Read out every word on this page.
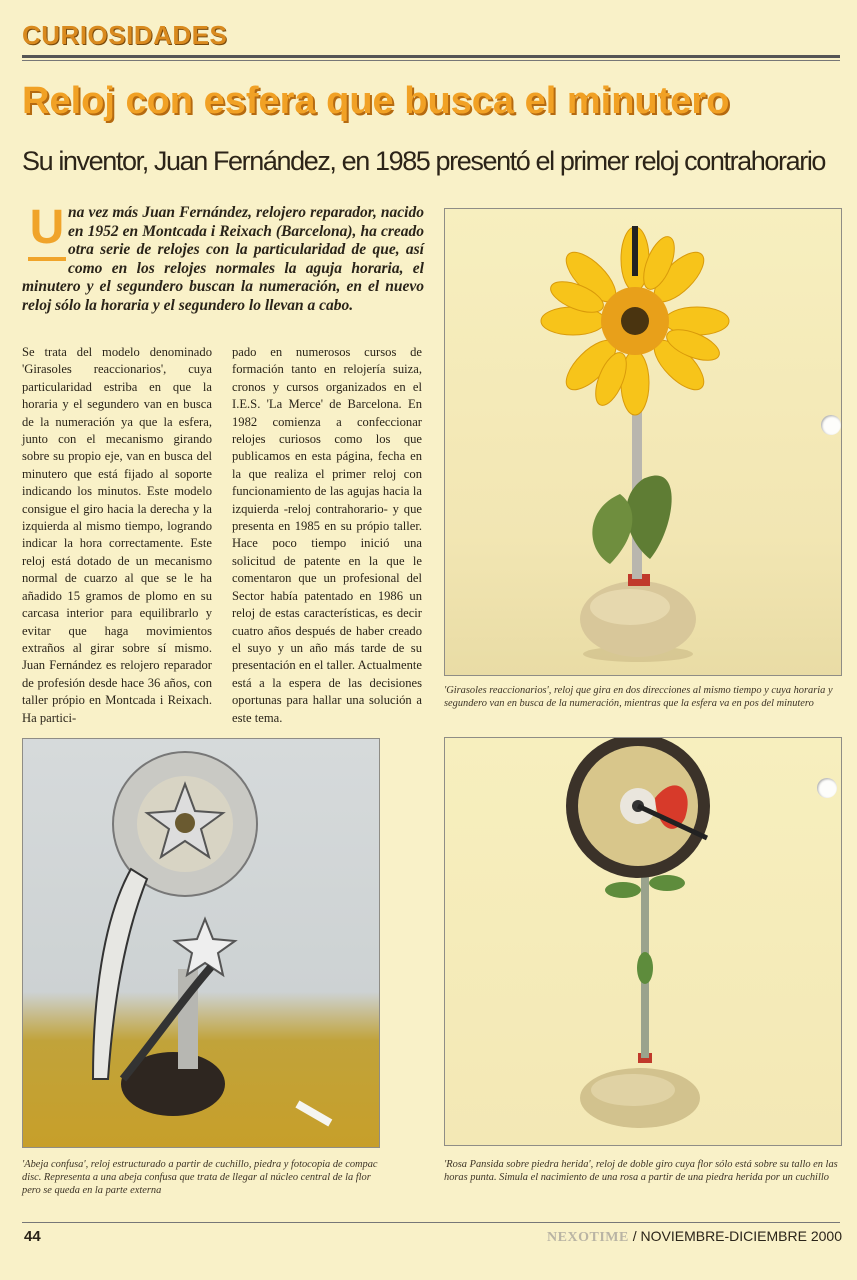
CURIOSIDADES
Reloj con esfera que busca el minutero
Su inventor, Juan Fernández, en 1985 presentó el primer reloj contrahorario
U na vez más Juan Fernández, relojero reparador, nacido en 1952 en Montcada i Reixach (Barcelona), ha creado otra serie de relojes con la particularidad de que, así como en los relojes normales la aguja horaria, el minutero y el segundero buscan la numeración, en el nuevo reloj sólo la horaria y el segundero lo llevan a cabo.
Se trata del modelo denominado 'Girasoles reaccionarios', cuya particularidad estriba en que la horaria y el segundero van en busca de la numeración ya que la esfera, junto con el mecanismo girando sobre su propio eje, van en busca del minutero que está fijado al soporte indicando los minutos. Este modelo consigue el giro hacia la derecha y la izquierda al mismo tiempo, logrando indicar la hora correctamente. Este reloj está dotado de un mecanismo normal de cuarzo al que se le ha añadido 15 gramos de plomo en su carcasa interior para equilibrarlo y evitar que haga movimientos extraños al girar sobre sí mismo. Juan Fernández es relojero reparador de profesión desde hace 36 años, con taller própio en Montcada i Reixach. Ha partici-
pado en numerosos cursos de formación tanto en relojería suiza, cronos y cursos organizados en el I.E.S. 'La Merce' de Barcelona. En 1982 comienza a confeccionar relojes curiosos como los que publicamos en esta página, fecha en la que realiza el primer reloj con funcionamiento de las agujas hacia la izquierda -reloj contrahorario- y que presenta en 1985 en su própio taller. Hace poco tiempo inició una solicitud de patente en la que le comentaron que un profesional del Sector había patentado en 1986 un reloj de estas características, es decir cuatro años después de haber creado el suyo y un año más tarde de su presentación en el taller. Actualmente está a la espera de las decisiones oportunas para hallar una solución a este tema.
'Girasoles reaccionarios', reloj que gira en dos direcciones al mismo tiempo y cuya horaria y segundero van en busca de la numeración, mientras que la esfera va en pos del minutero
'Abeja confusa', reloj estructurado a partir de cuchillo, piedra y fotocopia de compac disc. Representa a una abeja confusa que trata de llegar al núcleo central de la flor pero se queda en la parte externa
'Rosa Pansida sobre piedra herida', reloj de doble giro cuya flor sólo está sobre su tallo en las horas punta. Simula el nacimiento de una rosa a partir de una piedra herida por un cuchillo
44	NEXOTIME / NOVIEMBRE-DICIEMBRE 2000
